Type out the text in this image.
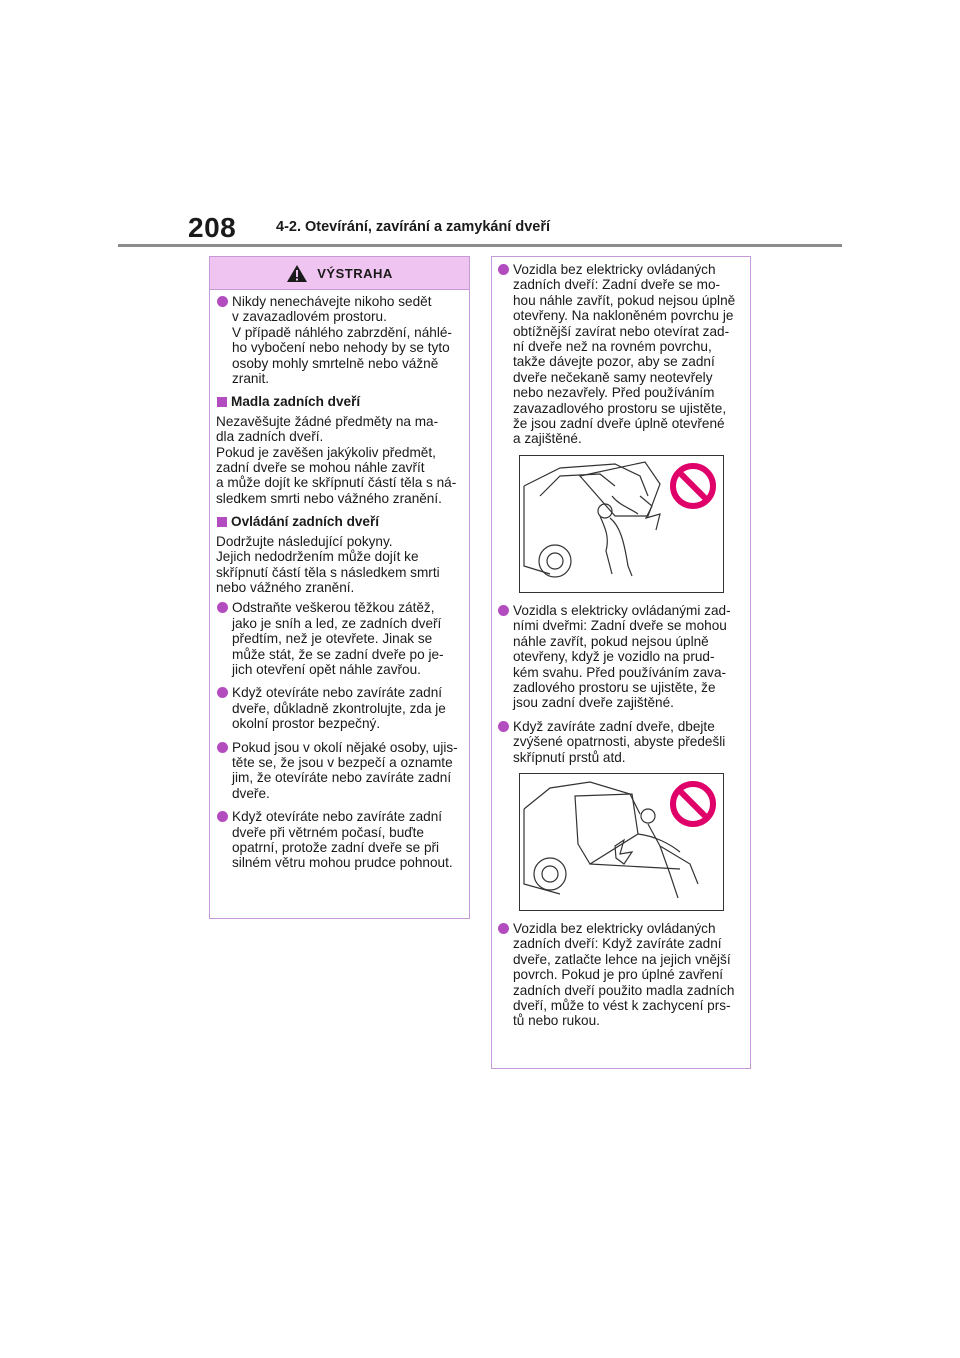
208	4-2. Otevírání, zavírání a zamykání dveří
VÝSTRAHA
Nikdy nenechávejte nikoho sedět
v zavazadlovém prostoru.
V případě náhlého zabrzdění, náhlé-
ho vybočení nebo nehody by se tyto
osoby mohly smrtelně nebo vážně
zranit.
Madla zadních dveří
Nezavěšujte žádné předměty na ma-
dla zadních dveří.
Pokud je zavěšen jakýkoliv předmět,
zadní dveře se mohou náhle zavřít
a může dojít ke skřípnutí částí těla s ná-
sledkem smrti nebo vážného zranění.
Ovládání zadních dveří
Dodržujte následující pokyny.
Jejich nedodržením může dojít ke
skřípnutí částí těla s následkem smrti
nebo vážného zranění.
Odstraňte veškerou těžkou zátěž,
jako je sníh a led, ze zadních dveří
předtím, než je otevřete. Jinak se
může stát, že se zadní dveře po je-
jich otevření opět náhle zavřou.
Když otevíráte nebo zavíráte zadní
dveře, důkladně zkontrolujte, zda je
okolní prostor bezpečný.
Pokud jsou v okolí nějaké osoby, ujis-
těte se, že jsou v bezpečí a oznamte
jim, že otevíráte nebo zavíráte zadní
dveře.
Když otevíráte nebo zavíráte zadní
dveře při větrném počasí, buďte
opatrní, protože zadní dveře se při
silném větru mohou prudce pohnout.
Vozidla bez elektricky ovládaných
zadních dveří: Zadní dveře se mo-
hou náhle zavřít, pokud nejsou úplně
otevřeny. Na nakloněném povrchu je
obtížnější zavírat nebo otevírat zad-
ní dveře než na rovném povrchu,
takže dávejte pozor, aby se zadní
dveře nečekaně samy neotevřely
nebo nezavřely. Před používáním
zavazadlového prostoru se ujistěte,
že jsou zadní dveře úplně otevřené
a zajištěné.
Vozidla s elektricky ovládanými zad-
ními dveřmi: Zadní dveře se mohou
náhle zavřít, pokud nejsou úplně
otevřeny, když je vozidlo na prud-
kém svahu. Před používáním zava-
zadlového prostoru se ujistěte, že
jsou zadní dveře zajištěné.
Když zavíráte zadní dveře, dbejte
zvýšené opatrnosti, abyste předešli
skřípnutí prstů atd.
Vozidla bez elektricky ovládaných
zadních dveří: Když zavíráte zadní
dveře, zatlačte lehce na jejich vnější
povrch. Pokud je pro úplné zavření
zadních dveří použito madla zadních
dveří, může to vést k zachycení prs-
tů nebo rukou.
